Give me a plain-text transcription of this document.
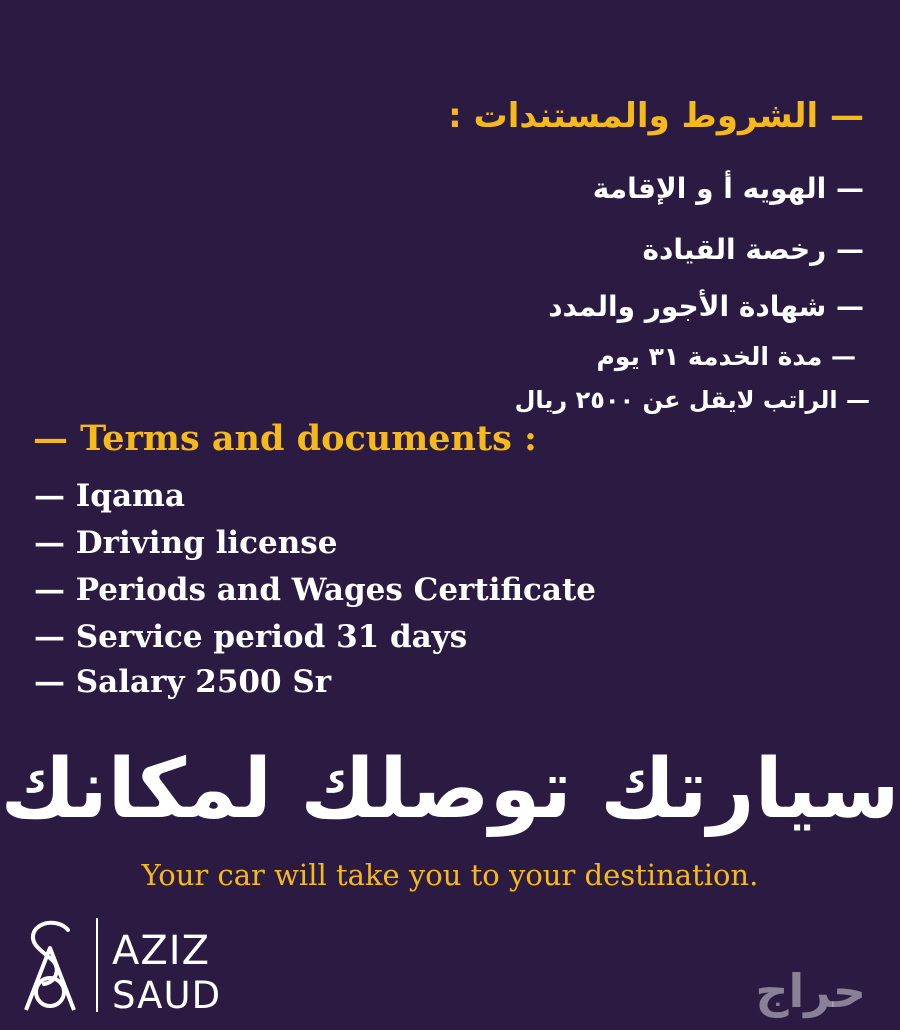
— الشروط والمستندات :
— الهويه أ و الإقامة
— رخصة القيادة
— شهادة الأجور والمدد
— مدة الخدمة ٣١ يوم
— الراتب لايقل عن ٢٥٠٠ ريال
— Terms and documents :
— Iqama
— Driving license
— Periods and Wages Certificate
— Service period 31 days
— Salary 2500 Sr
سيارتك توصلك لمكانك
Your car will take you to your destination.
AZIZ
SAUD	حراج
